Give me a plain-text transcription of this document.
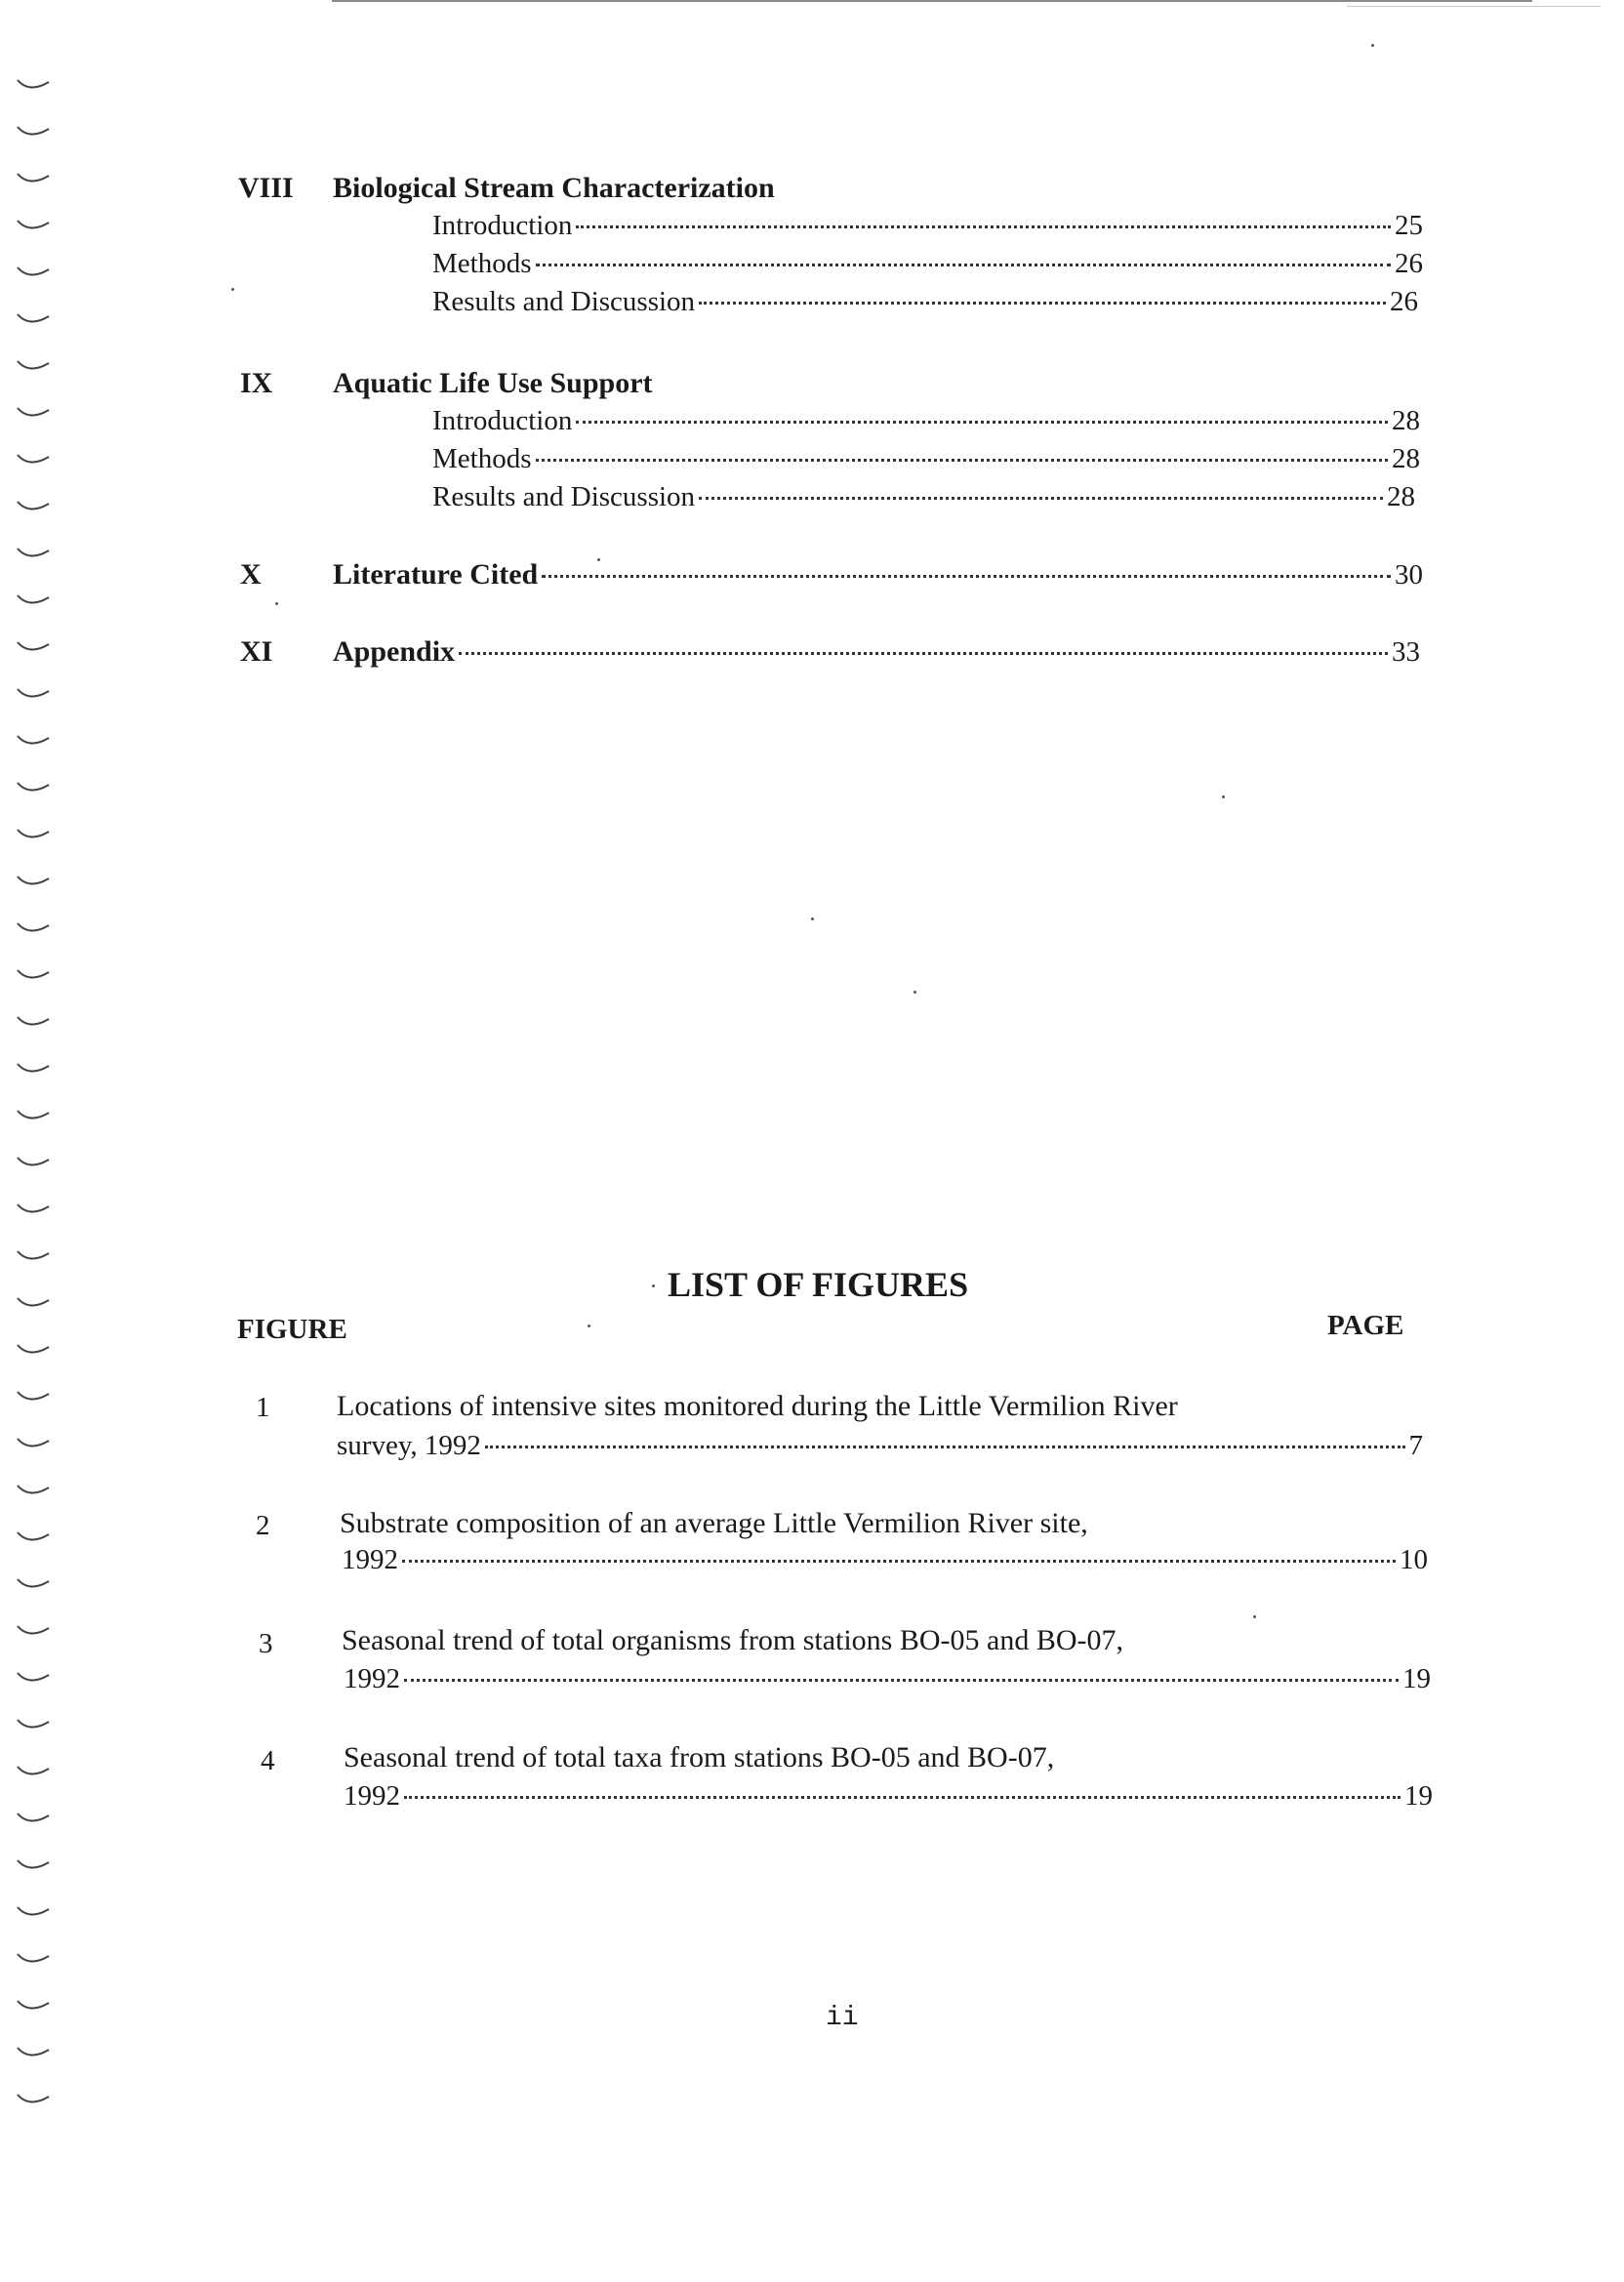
VIII Biological Stream Characterization
Introduction	25
Methods	26
Results and Discussion	26
IX Aquatic Life Use Support
Introduction	28
Methods	28
Results and Discussion	28
X Literature Cited	30
XI Appendix	33
LIST OF FIGURES
FIGURE	PAGE
1 Locations of intensive sites monitored during the Little Vermilion River
survey, 1992	7
2 Substrate composition of an average Little Vermilion River site,
1992	10
3 Seasonal trend of total organisms from stations BO-05 and BO-07,
1992	19
4 Seasonal trend of total taxa from stations BO-05 and BO-07,
1992	19
ii
